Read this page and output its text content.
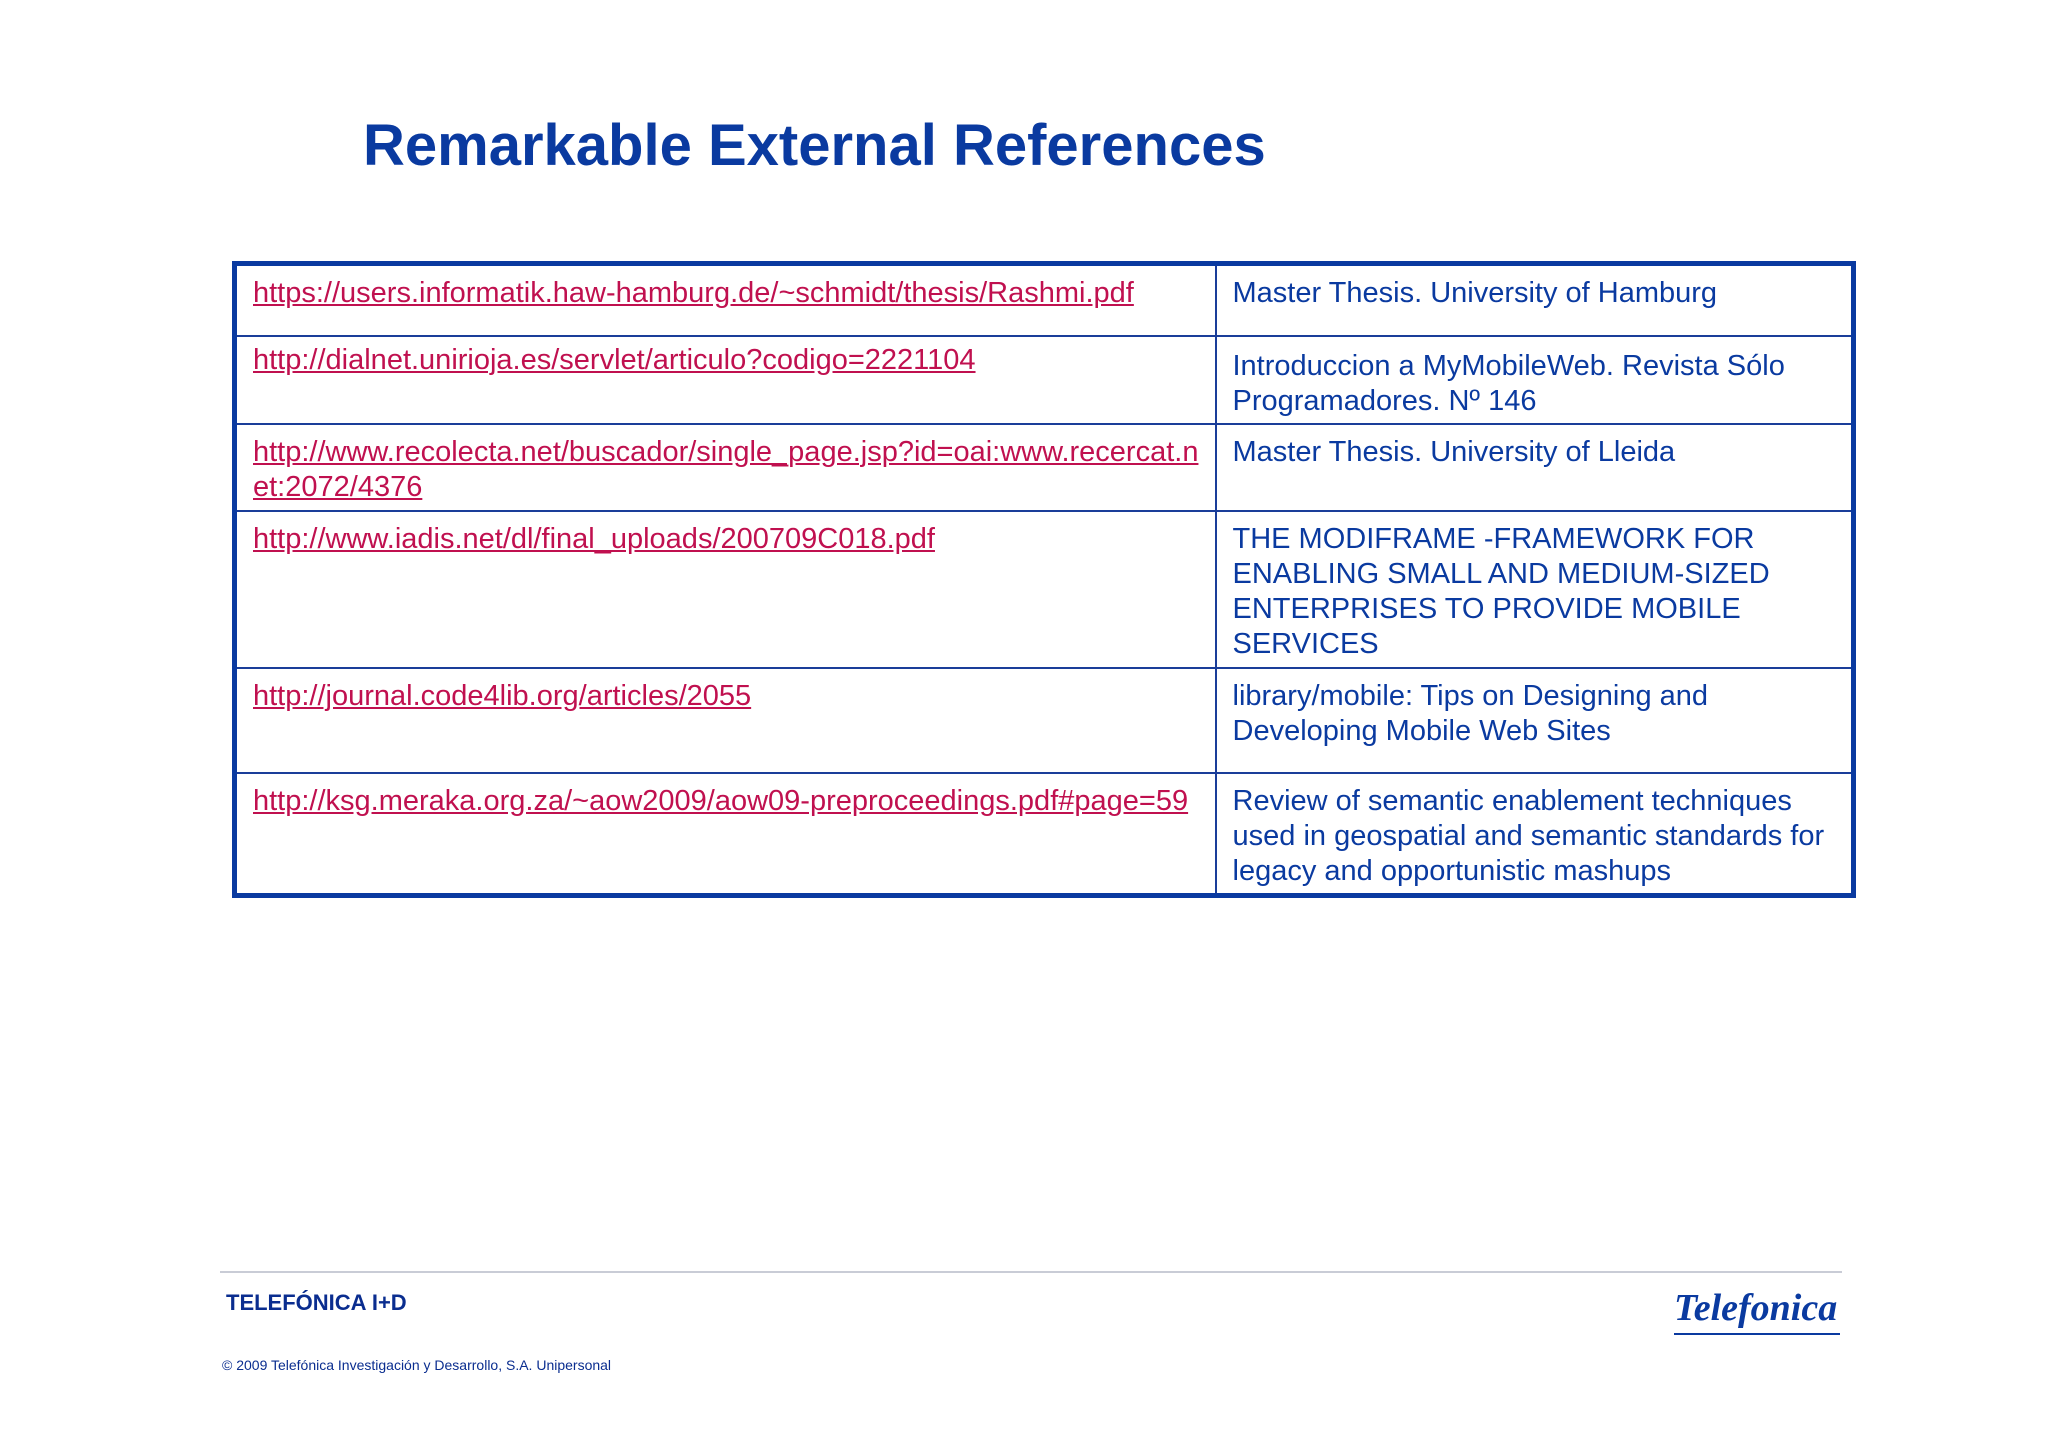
Remarkable External References
https://users.informatik.haw-hamburg.de/~schmidt/thesis/Rashmi.pdf	Master Thesis. University of Hamburg
http://dialnet.unirioja.es/servlet/articulo?codigo=2221104	Introduccion a MyMobileWeb. Revista Sólo Programadores. Nº 146
http://www.recolecta.net/buscador/single_page.jsp?id=oai:www.recercat.net:2072/4376	Master Thesis. University of Lleida
http://www.iadis.net/dl/final_uploads/200709C018.pdf	THE MODIFRAME -FRAMEWORK FOR ENABLING SMALL AND MEDIUM-SIZED ENTERPRISES TO PROVIDE MOBILE SERVICES
http://journal.code4lib.org/articles/2055	library/mobile: Tips on Designing and Developing Mobile Web Sites
http://ksg.meraka.org.za/~aow2009/aow09-preproceedings.pdf#page=59	Review of semantic enablement techniques used in geospatial and semantic standards for legacy and opportunistic mashups
TELEFÓNICA I+D
© 2009 Telefónica Investigación y Desarrollo, S.A. Unipersonal
Telefonica
